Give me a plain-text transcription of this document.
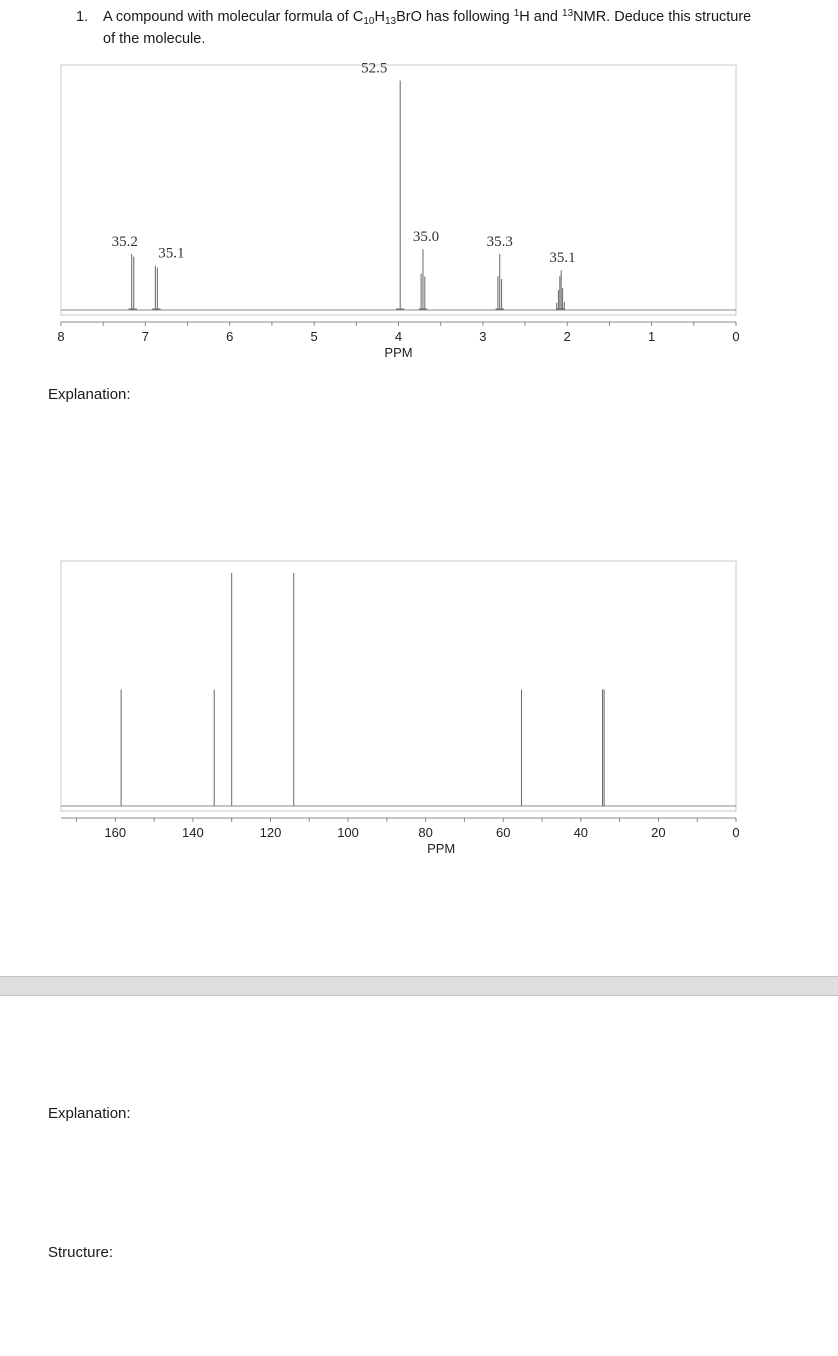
1. A compound with molecular formula of $C_{10}H_{13}BrO$ has following $^1$H and $^{13}$NMR. Deduce this structure of the molecule.
8	7	6	5	4	3	2	1	0
PPM
35.2
35.1
52.5
35.0	35.3
35.1
Explanation:
160	140	120	100	80	60	40	20	0
PPM
Explanation:
Structure:
